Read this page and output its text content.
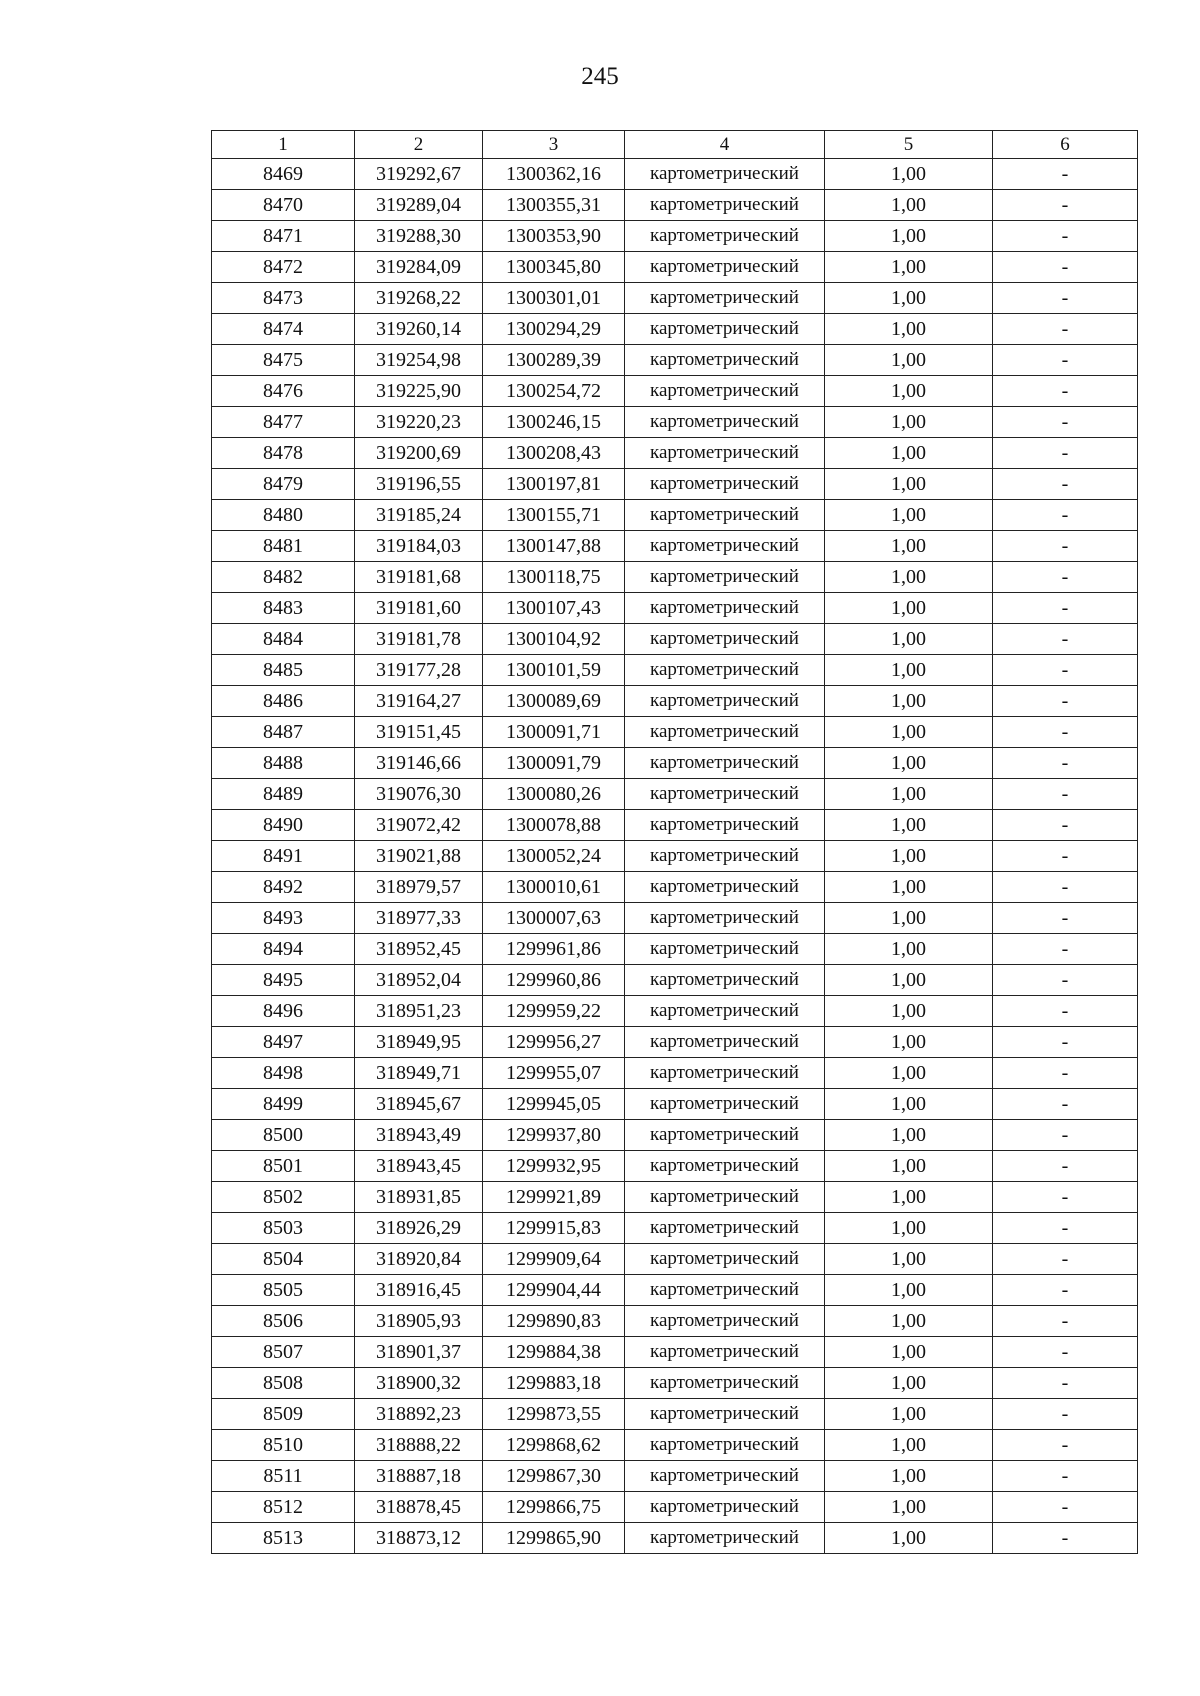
245
1	2	3	4	5	6
8469	319292,67	1300362,16	картометрический	1,00	-
8470	319289,04	1300355,31	картометрический	1,00	-
8471	319288,30	1300353,90	картометрический	1,00	-
8472	319284,09	1300345,80	картометрический	1,00	-
8473	319268,22	1300301,01	картометрический	1,00	-
8474	319260,14	1300294,29	картометрический	1,00	-
8475	319254,98	1300289,39	картометрический	1,00	-
8476	319225,90	1300254,72	картометрический	1,00	-
8477	319220,23	1300246,15	картометрический	1,00	-
8478	319200,69	1300208,43	картометрический	1,00	-
8479	319196,55	1300197,81	картометрический	1,00	-
8480	319185,24	1300155,71	картометрический	1,00	-
8481	319184,03	1300147,88	картометрический	1,00	-
8482	319181,68	1300118,75	картометрический	1,00	-
8483	319181,60	1300107,43	картометрический	1,00	-
8484	319181,78	1300104,92	картометрический	1,00	-
8485	319177,28	1300101,59	картометрический	1,00	-
8486	319164,27	1300089,69	картометрический	1,00	-
8487	319151,45	1300091,71	картометрический	1,00	-
8488	319146,66	1300091,79	картометрический	1,00	-
8489	319076,30	1300080,26	картометрический	1,00	-
8490	319072,42	1300078,88	картометрический	1,00	-
8491	319021,88	1300052,24	картометрический	1,00	-
8492	318979,57	1300010,61	картометрический	1,00	-
8493	318977,33	1300007,63	картометрический	1,00	-
8494	318952,45	1299961,86	картометрический	1,00	-
8495	318952,04	1299960,86	картометрический	1,00	-
8496	318951,23	1299959,22	картометрический	1,00	-
8497	318949,95	1299956,27	картометрический	1,00	-
8498	318949,71	1299955,07	картометрический	1,00	-
8499	318945,67	1299945,05	картометрический	1,00	-
8500	318943,49	1299937,80	картометрический	1,00	-
8501	318943,45	1299932,95	картометрический	1,00	-
8502	318931,85	1299921,89	картометрический	1,00	-
8503	318926,29	1299915,83	картометрический	1,00	-
8504	318920,84	1299909,64	картометрический	1,00	-
8505	318916,45	1299904,44	картометрический	1,00	-
8506	318905,93	1299890,83	картометрический	1,00	-
8507	318901,37	1299884,38	картометрический	1,00	-
8508	318900,32	1299883,18	картометрический	1,00	-
8509	318892,23	1299873,55	картометрический	1,00	-
8510	318888,22	1299868,62	картометрический	1,00	-
8511	318887,18	1299867,30	картометрический	1,00	-
8512	318878,45	1299866,75	картометрический	1,00	-
8513	318873,12	1299865,90	картометрический	1,00	-
